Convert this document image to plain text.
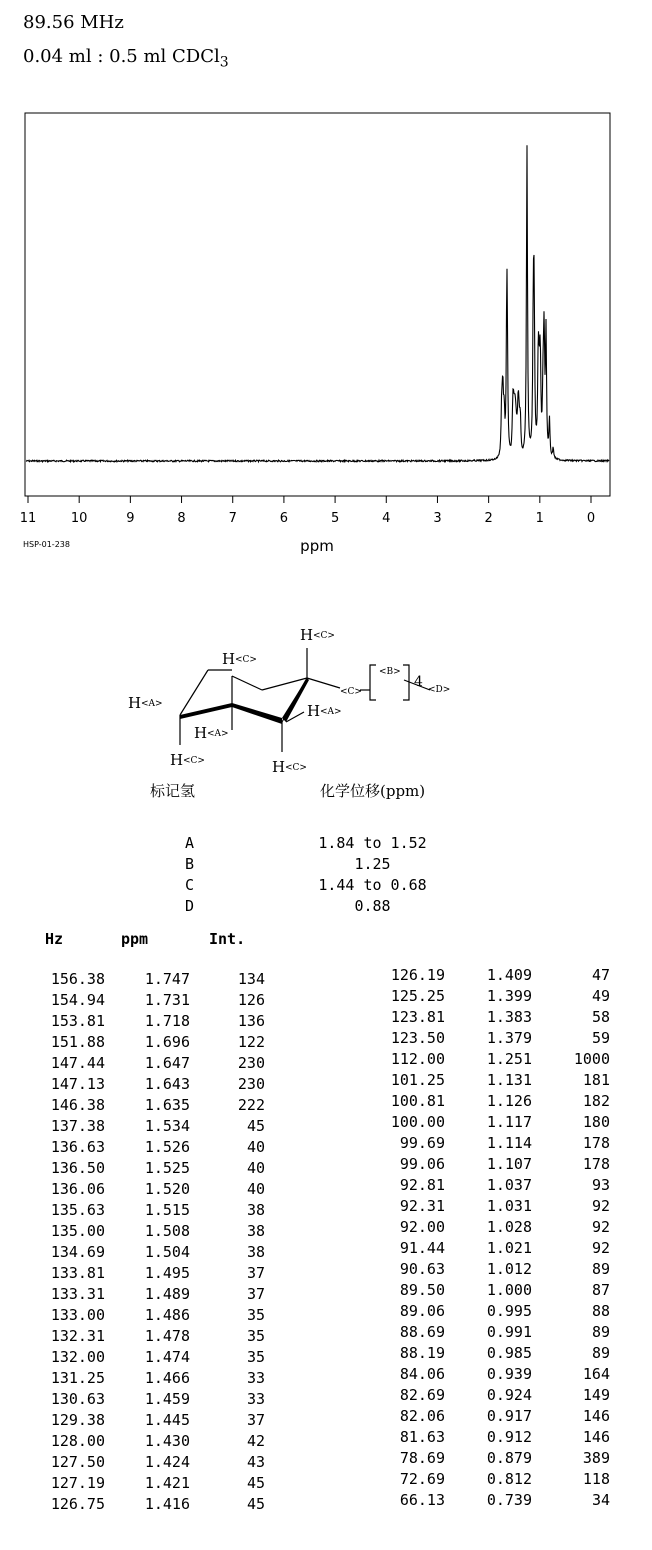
89.56 MHz
0.04 ml : 0.5 ml CDCl$_3$
11	10	9	8	7	6	5	4	3	2	1	0
ppm
HSP-01-238
H <C>
H <C>
H <A>
H <A>
H <A>
H <C>	H <C>
<C>
<B>
4 <D>
标记氢	化学位移(ppm)
A	1.84 to 1.52
B	1.25
C	1.44 to 0.68
D	0.88
Hz	ppm	Int.
156.38	1.747	134
154.94	1.731	126
153.81	1.718	136
151.88	1.696	122
147.44	1.647	230
147.13	1.643	230
146.38	1.635	222
137.38	1.534	45
136.63	1.526	40
136.50	1.525	40
136.06	1.520	40
135.63	1.515	38
135.00	1.508	38
134.69	1.504	38
133.81	1.495	37
133.31	1.489	37
133.00	1.486	35
132.31	1.478	35
132.00	1.474	35
131.25	1.466	33
130.63	1.459	33
129.38	1.445	37
128.00	1.430	42
127.50	1.424	43
127.19	1.421	45
126.75	1.416	45
126.19	1.409	47
125.25	1.399	49
123.81	1.383	58
123.50	1.379	59
112.00	1.251	1000
101.25	1.131	181
100.81	1.126	182
100.00	1.117	180
99.69	1.114	178
99.06	1.107	178
92.81	1.037	93
92.31	1.031	92
92.00	1.028	92
91.44	1.021	92
90.63	1.012	89
89.50	1.000	87
89.06	0.995	88
88.69	0.991	89
88.19	0.985	89
84.06	0.939	164
82.69	0.924	149
82.06	0.917	146
81.63	0.912	146
78.69	0.879	389
72.69	0.812	118
66.13	0.739	34
